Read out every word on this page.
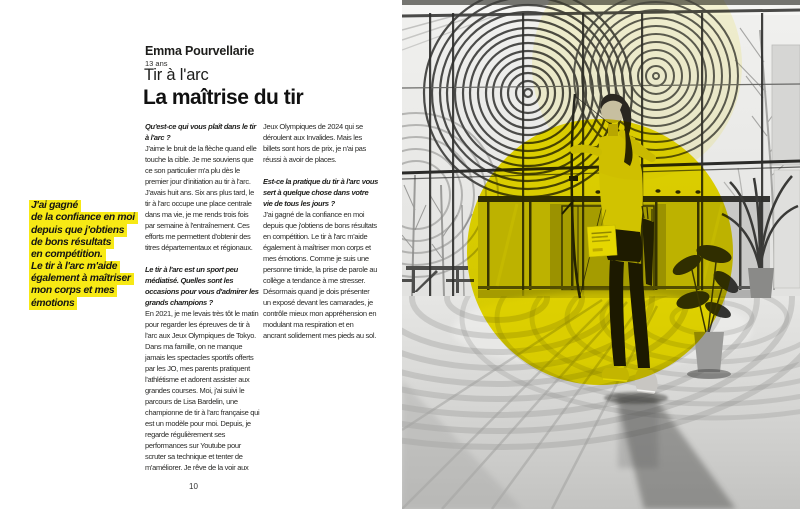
Emma Pourvellarie
13 ans
Tir à l'arc
La maîtrise du tir
J'ai gagné
de la confiance en moi
depuis que j'obtiens
de bons résultats
en compétition.
Le tir à l'arc m'aide
également à maîtriser
mon corps et mes
émotions

Qu'est-ce qui vous plaît dans le tir à l'arc ?

J'aime le bruit de la flèche quand elle touche la cible. Je me souviens que ce son particulier m'a plu dès le premier jour d'initiation au tir à l'arc. J'avais huit ans. Six ans plus tard, le tir à l'arc occupe une place centrale dans ma vie, je me rends trois fois par semaine à l'entraînement. Ces efforts me permettent d'obtenir des titres départementaux et régionaux.

Le tir à l'arc est un sport peu médiatisé. Quelles sont les occasions pour vous d'admirer les grands champions ?

En 2021, je me levais très tôt le matin pour regarder les épreuves de tir à l'arc aux Jeux Olympiques de Tokyo. Dans ma famille, on ne manque jamais les spectacles sportifs offerts par les JO, mes parents pratiquent l'athlétisme et adorent assister aux grandes courses. Moi, j'ai suivi le parcours de Lisa Bardelin, une championne de tir à l'arc française qui est un modèle pour moi. Depuis, je regarde régulièrement ses performances sur Youtube pour scruter sa technique et tenter de m'améliorer. Je rêve de la voir aux

Jeux Olympiques de 2024 qui se déroulent aux Invalides. Mais les billets sont hors de prix, je n'ai pas réussi à avoir de places.

Est-ce la pratique du tir à l'arc vous sert à quelque chose dans votre vie de tous les jours ?

J'ai gagné de la confiance en moi depuis que j'obtiens de bons résultats en compétition. Le tir à l'arc m'aide également à maîtriser mon corps et mes émotions. Comme je suis une personne timide, la prise de parole au collège a tendance à me stresser. Désormais quand je dois présenter un exposé devant les camarades, je contrôle mieux mon appréhension en modulant ma respiration et en ancrant solidement mes pieds au sol.

10
